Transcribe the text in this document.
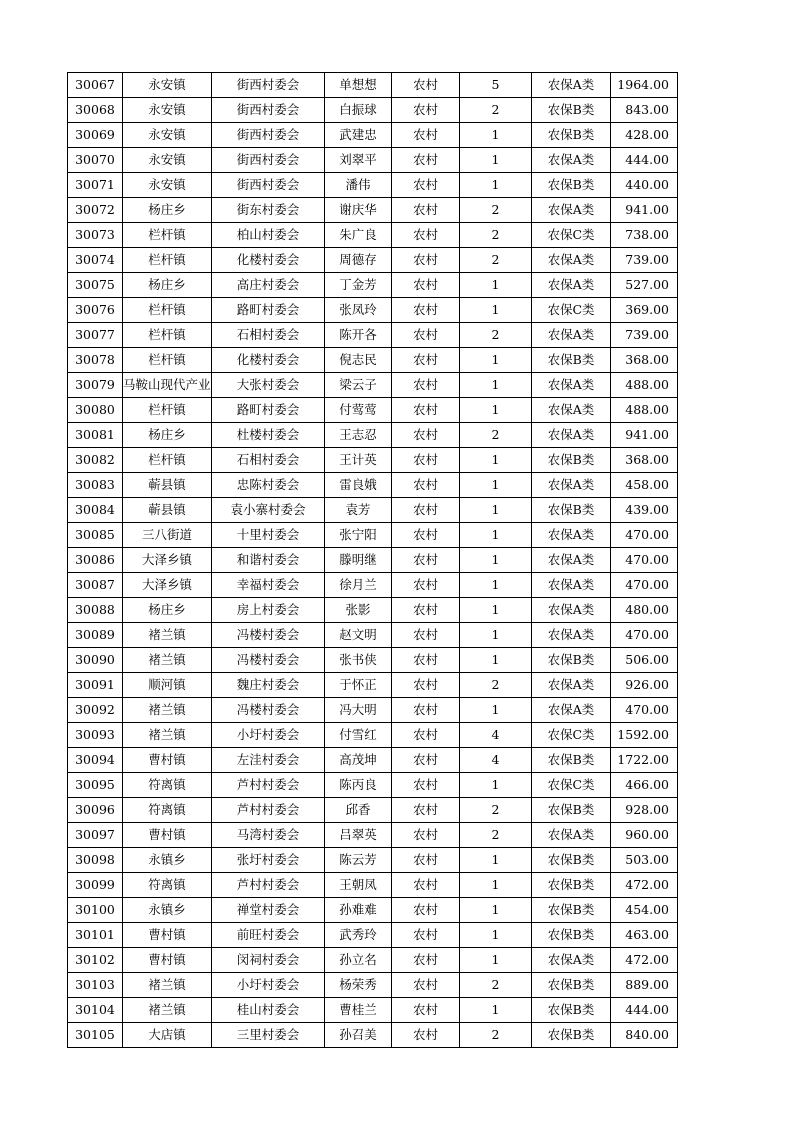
30067	永安镇	街西村委会	单想想	农村	5	农保A类	1964.00
30068	永安镇	街西村委会	白振球	农村	2	农保B类	843.00
30069	永安镇	街西村委会	武建忠	农村	1	农保B类	428.00
30070	永安镇	街西村委会	刘翠平	农村	1	农保A类	444.00
30071	永安镇	街西村委会	潘伟	农村	1	农保B类	440.00
30072	杨庄乡	街东村委会	谢庆华	农村	2	农保A类	941.00
30073	栏杆镇	柏山村委会	朱广良	农村	2	农保C类	738.00
30074	栏杆镇	化楼村委会	周德存	农村	2	农保A类	739.00
30075	杨庄乡	高庄村委会	丁金芳	农村	1	农保A类	527.00
30076	栏杆镇	路町村委会	张凤玲	农村	1	农保C类	369.00
30077	栏杆镇	石相村委会	陈开各	农村	2	农保A类	739.00
30078	栏杆镇	化楼村委会	倪志民	农村	1	农保B类	368.00
30079	马鞍山现代产业	大张村委会	梁云子	农村	1	农保A类	488.00
30080	栏杆镇	路町村委会	付莺莺	农村	1	农保A类	488.00
30081	杨庄乡	杜楼村委会	王志忍	农村	2	农保A类	941.00
30082	栏杆镇	石相村委会	王计英	农村	1	农保B类	368.00
30083	蕲县镇	忠陈村委会	雷良娥	农村	1	农保A类	458.00
30084	蕲县镇	袁小寨村委会	袁芳	农村	1	农保B类	439.00
30085	三八街道	十里村委会	张宁阳	农村	1	农保A类	470.00
30086	大泽乡镇	和谐村委会	滕明继	农村	1	农保A类	470.00
30087	大泽乡镇	幸福村委会	徐月兰	农村	1	农保A类	470.00
30088	杨庄乡	房上村委会	张影	农村	1	农保A类	480.00
30089	褚兰镇	冯楼村委会	赵文明	农村	1	农保A类	470.00
30090	褚兰镇	冯楼村委会	张书侠	农村	1	农保B类	506.00
30091	顺河镇	魏庄村委会	于怀正	农村	2	农保A类	926.00
30092	褚兰镇	冯楼村委会	冯大明	农村	1	农保A类	470.00
30093	褚兰镇	小圩村委会	付雪红	农村	4	农保C类	1592.00
30094	曹村镇	左洼村委会	高茂坤	农村	4	农保B类	1722.00
30095	符离镇	芦村村委会	陈丙良	农村	1	农保C类	466.00
30096	符离镇	芦村村委会	邱香	农村	2	农保B类	928.00
30097	曹村镇	马湾村委会	吕翠英	农村	2	农保A类	960.00
30098	永镇乡	张圩村委会	陈云芳	农村	1	农保B类	503.00
30099	符离镇	芦村村委会	王朝凤	农村	1	农保B类	472.00
30100	永镇乡	禅堂村委会	孙难难	农村	1	农保B类	454.00
30101	曹村镇	前旺村委会	武秀玲	农村	1	农保B类	463.00
30102	曹村镇	闵祠村委会	孙立名	农村	1	农保A类	472.00
30103	褚兰镇	小圩村委会	杨荣秀	农村	2	农保B类	889.00
30104	褚兰镇	桂山村委会	曹桂兰	农村	1	农保B类	444.00
30105	大店镇	三里村委会	孙召美	农村	2	农保B类	840.00
